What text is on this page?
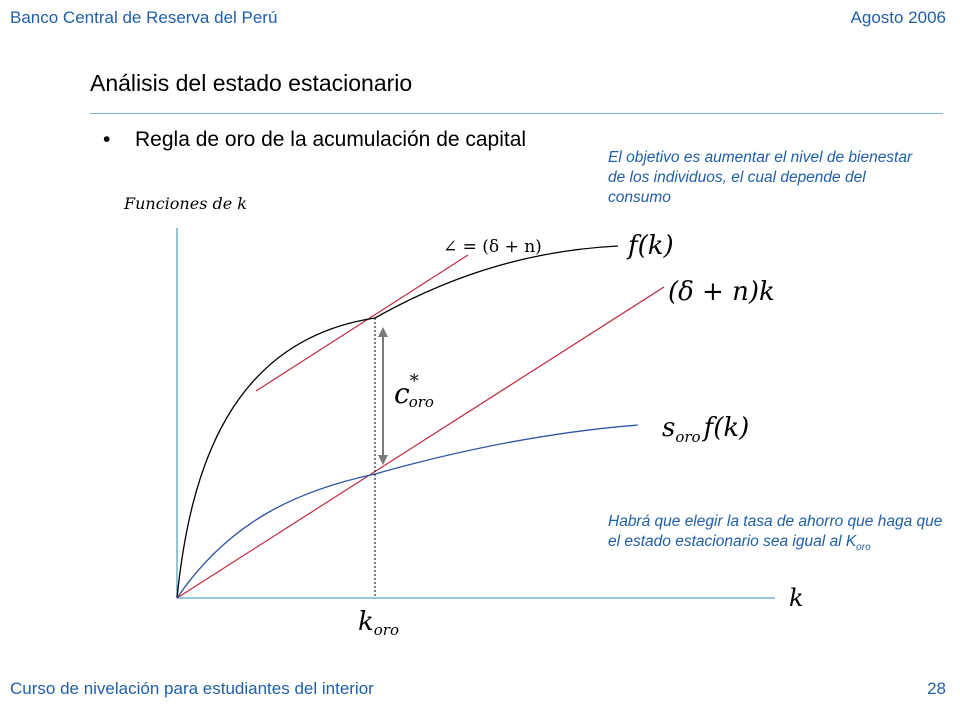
Banco Central de Reserva del Perú	Agosto 2006
Análisis del estado estacionario
• Regla de oro de la acumulación de capital
El objetivo es aumentar el nivel de bienestar de los individuos, el cual depende del consumo
Habrá que elegir la tasa de ahorro que haga que el estado estacionario sea igual al $K_{oro}$
Funciones de k
k
∠ = (δ + n)	f(k)
(δ + n)k
$s_{oro}$ f(k)
c* oro
koro
Curso de nivelación para estudiantes del interior	28
